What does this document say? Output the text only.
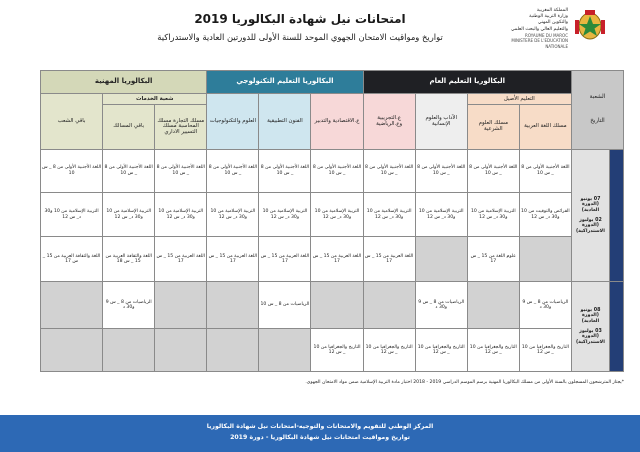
المملكة المغربية
وزارة التربية الوطنية
والتكوين المهني
والتعليم العالي والبحث العلمي
ROYAUME DU MAROC
MINISTERE DE L'EDUCATION NATIONALE
امتحانات نيل شهادة البكالوريا 2019
تواريخ ومواقيت الامتحان الجهوي الموحد للسنة الأولى للدورتين العادية والاستدراكية
الشعبة
التاريخ		البكالوريا التعليم العام				البكالوريا التعليم التكنولوجي			البكالوريا المهنية		
		التعليم الأصيل		الآداب والعلوم الإنسانية	ع.التجريبية وع.الرياضية	ع.الاقتصادية والتدبير	الفنون التطبيقية	العلوم والتكنولوجيات	شعبة الخدمات		باقي الشعب
		مسلك اللغة العربية	مسلك العلوم الشرعية						مسلك التجارة مسلك المحاسبة مسلك التسيير الاداري	باقي المسالك	

07 يونيو (الدورة العادية)
02 يوليوز (الدورة الاستدراكية)	اللغة الأجنبية الأولى من 8 _ س 10	اللغة الأجنبية الأولى من 8 _ س 10	اللغة الأجنبية الأولى من 8 _ س 10	اللغة الأجنبية الأولى من 8 _ س 10	اللغة الأجنبية الأولى من 8 _ س 10	اللغة الأجنبية الأولى من 8 _ س 10	اللغة الأجنبية الأولى من 8 _ س 10	اللغة الأجنبية الأولى من 8 _ س 10	اللغة الأجنبية الأولى من 8 _ س 10	اللغة الأجنبية الأولى من 8 _ س 10
		الفرائض والتوقيت من 10 و30 د_ س 12	التربية الإسلامية من 10 و30 د_ س 12	التربية الإسلامية من 10 و30 د_ س 12	التربية الإسلامية من 10 و30 د_ س 12	التربية الإسلامية من 10 و30 د_ س 12	التربية الإسلامية من 10 و30 د_ س 12	التربية الإسلامية من 10 و30 د_ س 12	التربية الإسلامية من 10 و30 د_ س 12	التربية الإسلامية من 10 و30 د_ س 12	التربية الإسلامية من 10 و30 د_ س 12
			علوم اللغة من 15 _ س 17		اللغة العربية من 15 _ س 17	اللغة العربية من 15 _ س 17	اللغة العربية من 15 _ س 17	اللغة العربية من 15 _ س 17	اللغة العربية من 15 _ س 17	اللغة والثقافة العربية من 15 _ س 18	اللغة والثقافة العربية من 15 _ س 17

08 يونيو (الدورة العادية)
03 يوليوز (الدورة الاستدراكية)	الرياضيات من 8 _ س 9 و30 د		الرياضيات من 8 _ س 9 و30 د			الرياضيات من 8 _ س 10			الرياضيات من 8 _ س 9 و30 د	
		التاريخ والجغرافيا من 10 _ س 12	التاريخ والجغرافيا من 10 _ س 12	التاريخ والجغرافيا من 10 _ س 12	التاريخ والجغرافيا من 10 _ س 12	التاريخ والجغرافيا من 10 _ س 12					
*يجتاز المترشحون المسجلون بالسنة الأولى من مسلك البكالوريا المهنية برسم الموسم الدراسي 2019 - 2018 اختبار مادة التربية الإسلامية ضمن مواد الامتحان الجهوي.
المركز الوطني للتقويم والامتحانات والتوجيه-امتحانات نيل شهادة البكالوريا
تواريخ ومواقيت امتحانات نيل شهادة البكالوريا - دورة 2019
